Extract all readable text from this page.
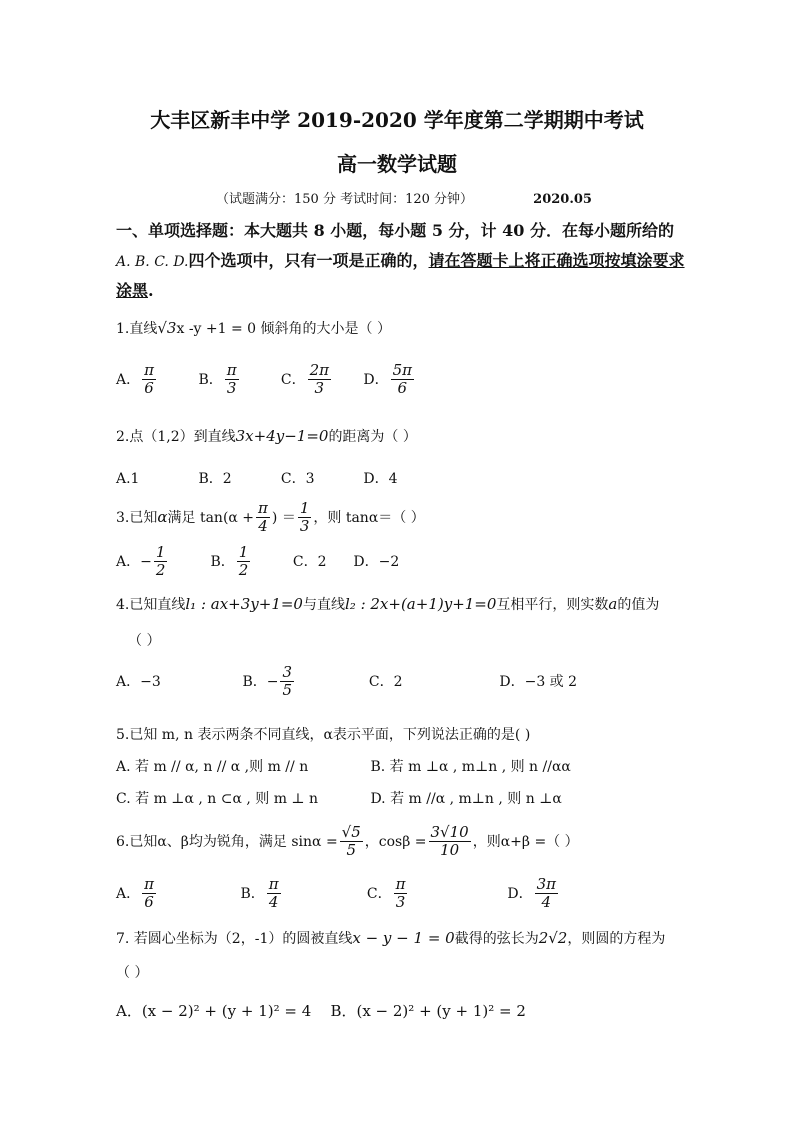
大丰区新丰中学 2019-2020 学年度第二学期期中考试
高一数学试题
（试题满分：150 分 考试时间：120 分钟）	2020.05
一、单项选择题：本大题共 8 小题，每小题 5 分，计 40 分．在每小题所给的
A. B. C. D.四个选项中，只有一项是正确的，请在答题卡上将正确选项按填涂要求
涂黑.
1.直线√3x -y +1 = 0 倾斜角的大小是（ ）
A． $\frac{\pi}{6}$	B． $\frac{\pi}{3}$	C． $\frac{2\pi}{3}$ D． $\frac{5\pi}{6}$
2.点（1,2）到直线3x+4y−1=0的距离为（ ）
A.1	B．2	C．3	D．4
3.已知α满足 $\tan(\alpha + \frac{\pi}{4}$ ) ＝ $\frac{1}{3}$ ，则 tanα＝（ ）
A．− $\frac{1}{2}$	B． $\frac{1}{2}$	C．2 D．−2
4.已知直线l₁ : ax+3y+1=0与直线l₂ : 2x+(a+1)y+1=0互相平行，则实数a的值为
（ ）
A．−3	B．− $\frac{3}{5}$	C．2	D．−3 或 2
5.已知 m, n 表示两条不同直线，α表示平面，下列说法正确的是( )
A. 若 m // α, n // α ,则 m // n	B. 若 m ⊥α , m⊥n , 则 n //αα
C. 若 m ⊥α , n ⊂α , 则 m ⊥ n	D. 若 m //α , m⊥n , 则 n ⊥α
6.已知α、β均为锐角，满足 $\sin\alpha = \frac{√5}{5}$ ，$\cos\beta = \frac{3√10}{10}$ ，则α+β =（ ）
A． $\frac{\pi}{6}$	B． $\frac{\pi}{4}$	C． $\frac{\pi}{3}$	D． $\frac{3\pi}{4}$
7. 若圆心坐标为（2，-1）的圆被直线x − y − 1 = 0截得的弦长为2√2，则圆的方程为
（ ）
A．(x − 2)² + (y + 1)² = 4 B．(x − 2)² + (y + 1)² = 2
